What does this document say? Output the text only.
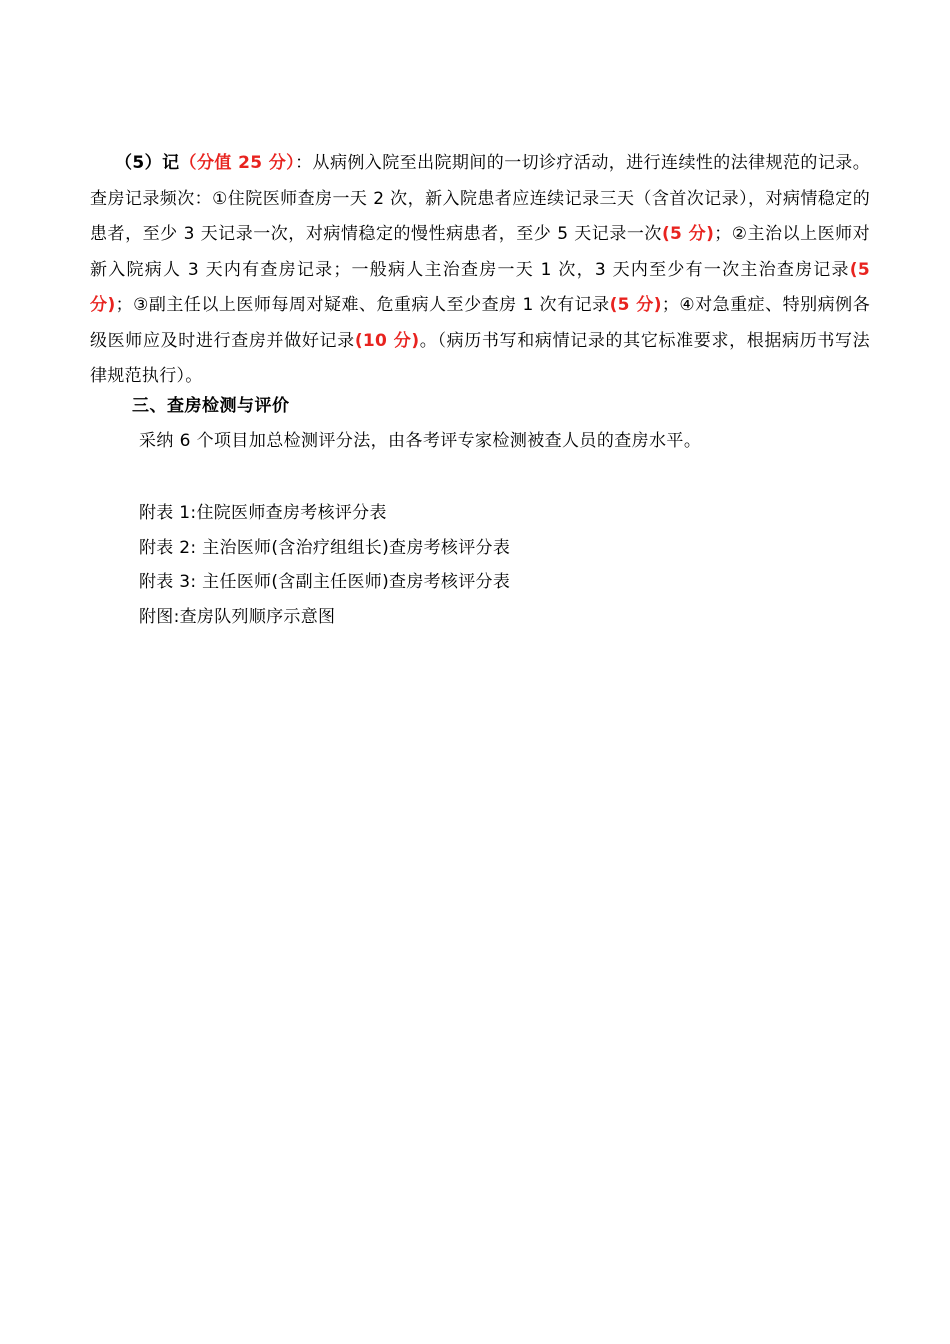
（5）记（分值 25 分）：从病例入院至出院期间的一切诊疗活动，进行连续性的法律规范的记录。查房记录频次：①住院医师查房一天 2 次，新入院患者应连续记录三天（含首次记录），对病情稳定的患者，至少 3 天记录一次，对病情稳定的慢性病患者，至少 5 天记录一次(5 分)；②主治以上医师对新入院病人 3 天内有查房记录；一般病人主治查房一天 1 次，3 天内至少有一次主治查房记录(5 分)；③副主任以上医师每周对疑难、危重病人至少查房 1 次有记录(5 分)；④对急重症、特别病例各级医师应及时进行查房并做好记录(10 分)。（病历书写和病情记录的其它标准要求，根据病历书写法律规范执行）。

三、查房检测与评价
采纳 6 个项目加总检测评分法，由各考评专家检测被查人员的查房水平。
附表 1:住院医师查房考核评分表
附表 2: 主治医师(含治疗组组长)查房考核评分表
附表 3: 主任医师(含副主任医师)查房考核评分表
附图:查房队列顺序示意图
